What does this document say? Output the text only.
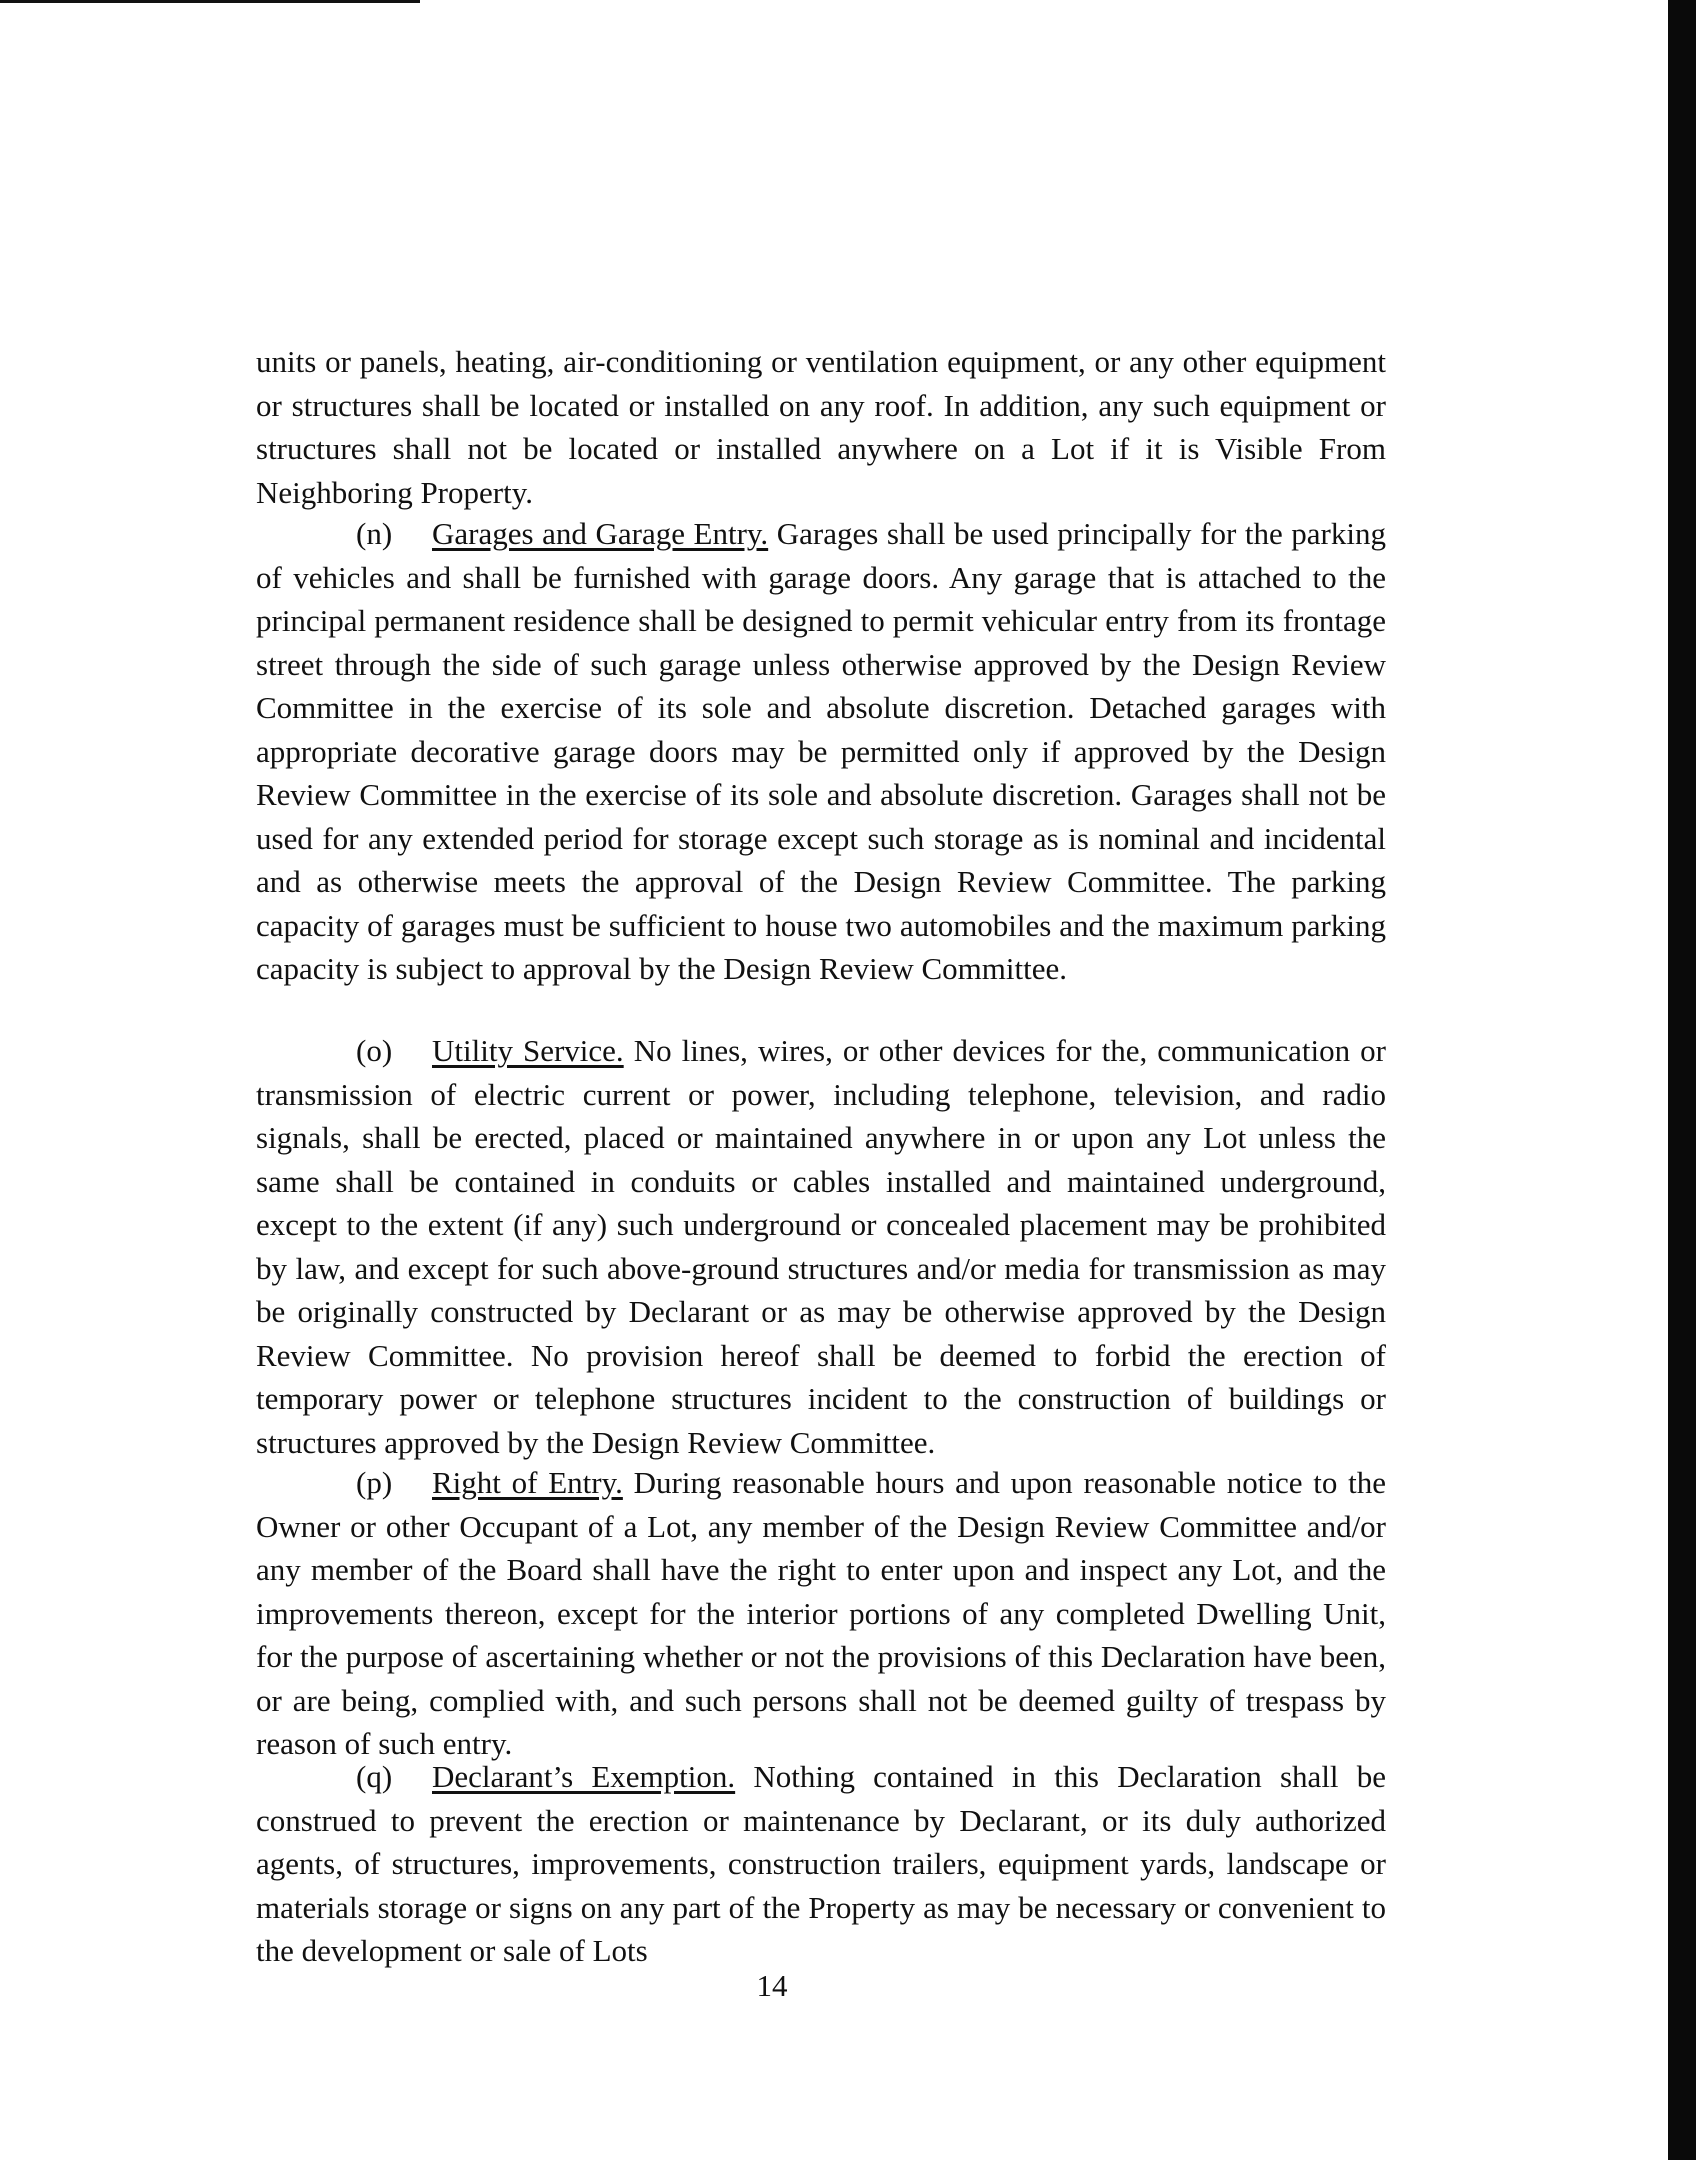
units or panels, heating, air-conditioning or ventilation equipment, or any other equipment or structures shall be located or installed on any roof. In addition, any such equipment or structures shall not be located or installed anywhere on a Lot if it is Visible From Neighboring Property.

(n) Garages and Garage Entry. Garages shall be used principally for the parking of vehicles and shall be furnished with garage doors. Any garage that is attached to the principal permanent residence shall be designed to permit vehicular entry from its frontage street through the side of such garage unless otherwise approved by the Design Review Committee in the exercise of its sole and absolute discretion. Detached garages with appropriate decorative garage doors may be permitted only if approved by the Design Review Committee in the exercise of its sole and absolute discretion. Garages shall not be used for any extended period for storage except such storage as is nominal and incidental and as otherwise meets the approval of the Design Review Committee. The parking capacity of garages must be sufficient to house two automobiles and the maximum parking capacity is subject to approval by the Design Review Committee.

(o) Utility Service. No lines, wires, or other devices for the, communication or transmission of electric current or power, including telephone, television, and radio signals, shall be erected, placed or maintained anywhere in or upon any Lot unless the same shall be contained in conduits or cables installed and maintained underground, except to the extent (if any) such underground or concealed placement may be prohibited by law, and except for such above-ground structures and/or media for transmission as may be originally constructed by Declarant or as may be otherwise approved by the Design Review Committee. No provision hereof shall be deemed to forbid the erection of temporary power or telephone structures incident to the construction of buildings or structures approved by the Design Review Committee.

(p) Right of Entry. During reasonable hours and upon reasonable notice to the Owner or other Occupant of a Lot, any member of the Design Review Committee and/or any member of the Board shall have the right to enter upon and inspect any Lot, and the improvements thereon, except for the interior portions of any completed Dwelling Unit, for the purpose of ascertaining whether or not the provisions of this Declaration have been, or are being, complied with, and such persons shall not be deemed guilty of trespass by reason of such entry.

(q) Declarant’s Exemption. Nothing contained in this Declaration shall be construed to prevent the erection or maintenance by Declarant, or its duly authorized agents, of structures, improvements, construction trailers, equipment yards, landscape or materials storage or signs on any part of the Property as may be necessary or convenient to the development or sale of Lots

14
